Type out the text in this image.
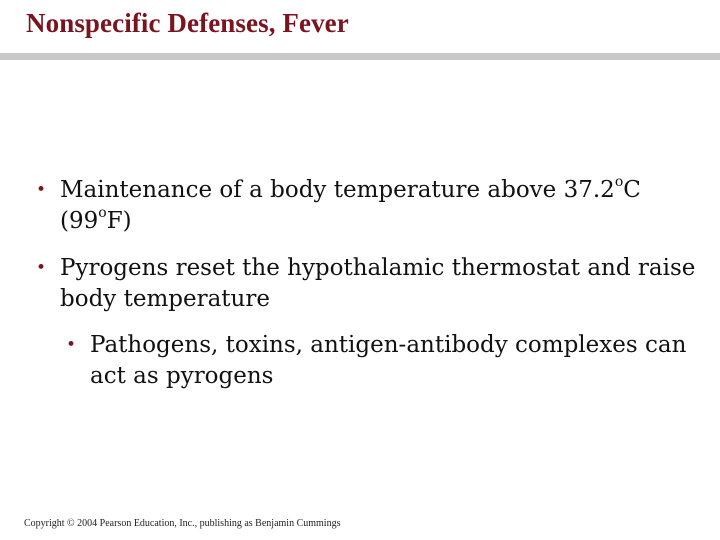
Nonspecific Defenses, Fever

• Maintenance of a body temperature above 37.2$^o$C (99$^o$F)

• Pyrogens reset the hypothalamic thermostat and raise body temperature

• Pathogens, toxins, antigen-antibody complexes can act as pyrogens

Copyright © 2004 Pearson Education, Inc., publishing as Benjamin Cummings
